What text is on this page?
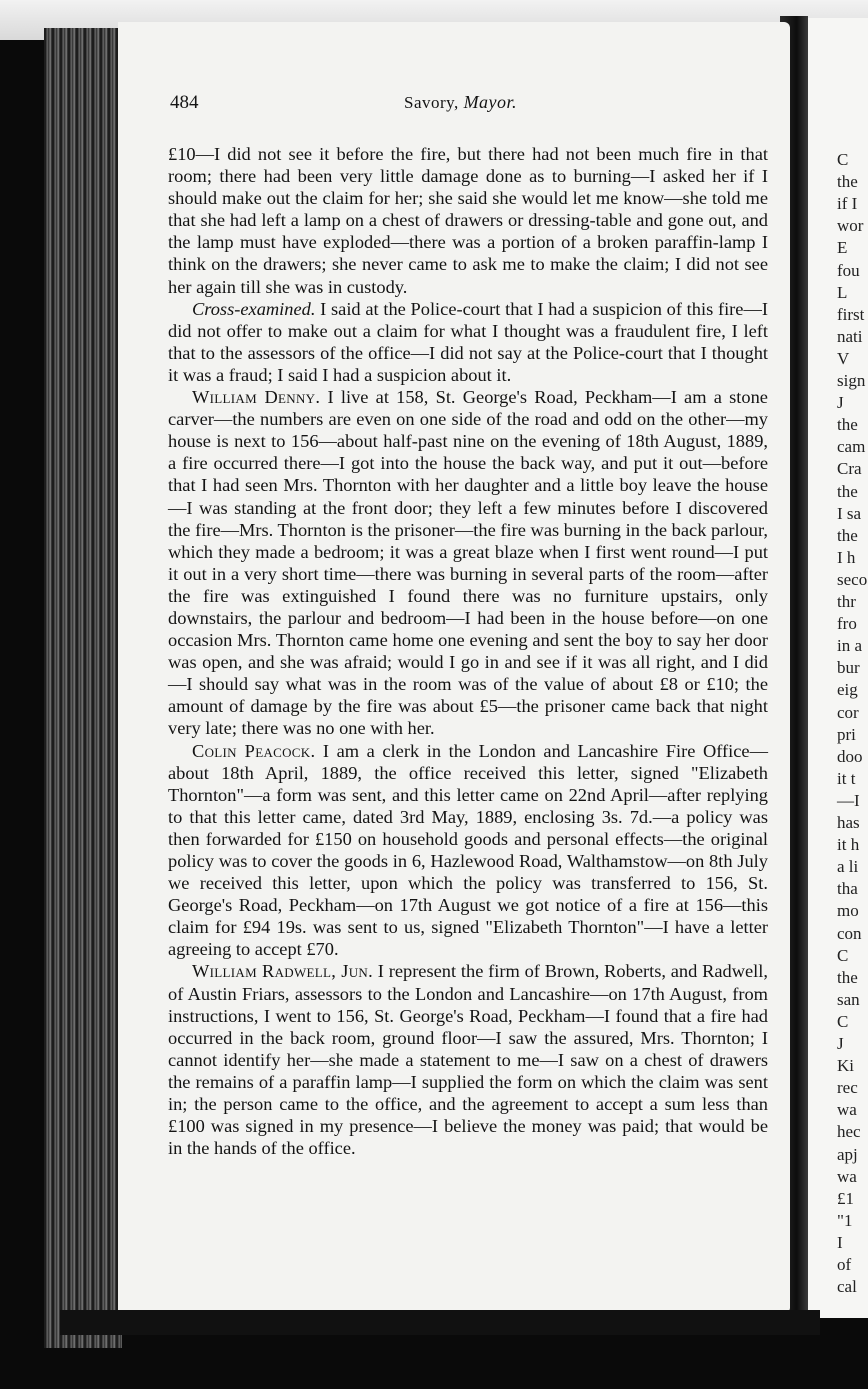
C
the
if I
wor
E
fou
L
first
nati
V
sign
J
the
cam
Cra
the
I sa
the
I h
seco
thr
fro
in a
bur
eig
cor
pri
doo
it t
—I
has
it h
a li
tha
mo
con
C
the
san
C
J
Ki
rec
wa
hec
apj
wa
£1
"1
I
of
cal
484	Savory, Mayor.

£10—I did not see it before the fire, but there had not been much fire in that room; there had been very little damage done as to burning—I asked her if I should make out the claim for her; she said she would let me know—she told me that she had left a lamp on a chest of drawers or dressing-table and gone out, and the lamp must have exploded—there was a portion of a broken paraffin-lamp I think on the drawers; she never came to ask me to make the claim; I did not see her again till she was in custody.

Cross-examined. I said at the Police-court that I had a suspicion of this fire—I did not offer to make out a claim for what I thought was a fraudulent fire, I left that to the assessors of the office—I did not say at the Police-court that I thought it was a fraud; I said I had a suspicion about it.

William Denny. I live at 158, St. George's Road, Peckham—I am a stone carver—the numbers are even on one side of the road and odd on the other—my house is next to 156—about half-past nine on the evening of 18th August, 1889, a fire occurred there—I got into the house the back way, and put it out—before that I had seen Mrs. Thornton with her daughter and a little boy leave the house—I was standing at the front door; they left a few minutes before I discovered the fire—Mrs. Thornton is the prisoner—the fire was burning in the back parlour, which they made a bedroom; it was a great blaze when I first went round—I put it out in a very short time—there was burning in several parts of the room—after the fire was extinguished I found there was no furniture upstairs, only downstairs, the parlour and bedroom—I had been in the house before—on one occasion Mrs. Thornton came home one evening and sent the boy to say her door was open, and she was afraid; would I go in and see if it was all right, and I did—I should say what was in the room was of the value of about £8 or £10; the amount of damage by the fire was about £5—the prisoner came back that night very late; there was no one with her.

Colin Peacock. I am a clerk in the London and Lancashire Fire Office—about 18th April, 1889, the office received this letter, signed "Elizabeth Thornton"—a form was sent, and this letter came on 22nd April—after replying to that this letter came, dated 3rd May, 1889, enclosing 3s. 7d.—a policy was then forwarded for £150 on household goods and personal effects—the original policy was to cover the goods in 6, Hazlewood Road, Walthamstow—on 8th July we received this letter, upon which the policy was transferred to 156, St. George's Road, Peckham—on 17th August we got notice of a fire at 156—this claim for £94 19s. was sent to us, signed "Elizabeth Thornton"—I have a letter agreeing to accept £70.

William Radwell, Jun. I represent the firm of Brown, Roberts, and Radwell, of Austin Friars, assessors to the London and Lancashire—on 17th August, from instructions, I went to 156, St. George's Road, Peckham—I found that a fire had occurred in the back room, ground floor—I saw the assured, Mrs. Thornton; I cannot identify her—she made a statement to me—I saw on a chest of drawers the remains of a paraffin lamp—I supplied the form on which the claim was sent in; the person came to the office, and the agreement to accept a sum less than £100 was signed in my presence—I believe the money was paid; that would be in the hands of the office.
